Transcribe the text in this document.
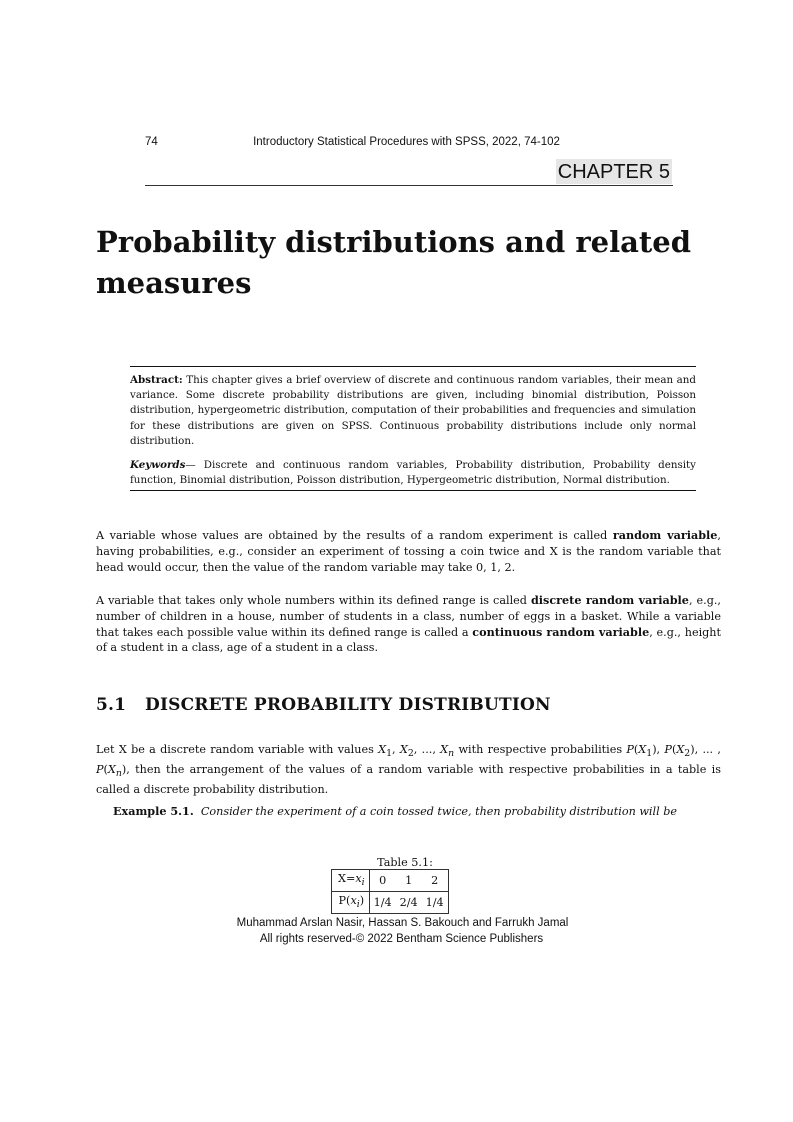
74	Introductory Statistical Procedures with SPSS, 2022, 74-102
CHAPTER 5
Probability distributions and related measures

Abstract: This chapter gives a brief overview of discrete and continuous random variables, their mean and variance. Some discrete probability distributions are given, including binomial distribution, Poisson distribution, hypergeometric distribution, computation of their probabilities and frequencies and simulation for these distributions are given on SPSS. Continuous probability distributions include only normal distribution.

Keywords— Discrete and continuous random variables, Probability distribution, Probability density function, Binomial distribution, Poisson distribution, Hypergeometric distribution, Normal distribution.

A variable whose values are obtained by the results of a random experiment is called random variable, having probabilities, e.g., consider an experiment of tossing a coin twice and X is the random variable that head would occur, then the value of the random variable may take 0, 1, 2.

A variable that takes only whole numbers within its defined range is called discrete random variable, e.g., number of children in a house, number of students in a class, number of eggs in a basket. While a variable that takes each possible value within its defined range is called a continuous random variable, e.g., height of a student in a class, age of a student in a class.

5.1 DISCRETE PROBABILITY DISTRIBUTION

Let X be a discrete random variable with values $X_1$, $X_2$, ..., $X_n$ with respective probabilities $P(X_1)$, $P(X_2)$, ... , $P(X_n)$, then the arrangement of the values of a random variable with respective probabilities in a table is called a discrete probability distribution.

Example 5.1. Consider the experiment of a coin tossed twice, then probability distribution will be

Table 5.1:
$X=x_i$	0	1	2
$P(x_i)$	1/4	2/4	1/4
Muhammad Arslan Nasir, Hassan S. Bakouch and Farrukh Jamal
All rights reserved-© 2022 Bentham Science Publishers
